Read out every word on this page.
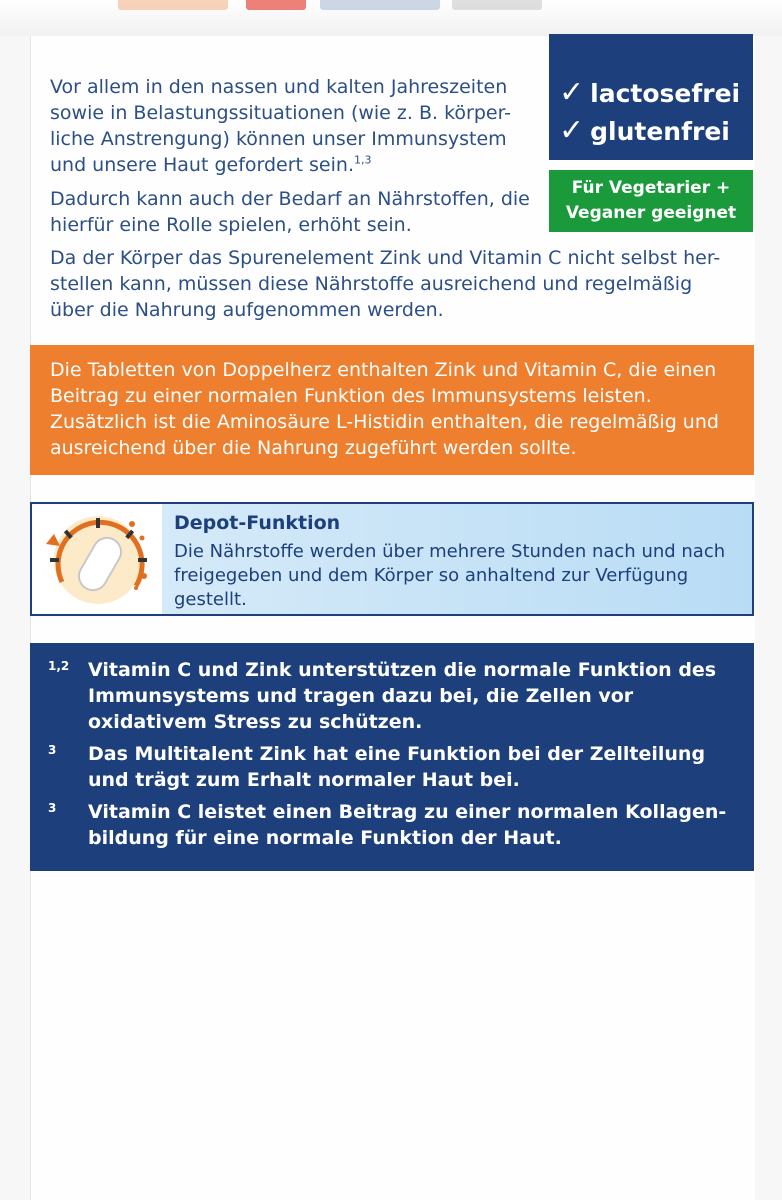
Vor allem in den nassen und kalten Jahreszeiten sowie in Belastungssituationen (wie z. B. körper-liche Anstrengung) können unser Immunsystem und unsere Haut gefordert sein.$^{1,3}$

Dadurch kann auch der Bedarf an Nährstoffen, die hierfür eine Rolle spielen, erhöht sein.

Da der Körper das Spurenelement Zink und Vitamin C nicht selbst her-stellen kann, müssen diese Nährstoffe ausreichend und regelmäßig über die Nahrung aufgenommen werden.

✓ lactosefrei
✓ glutenfrei
Für Vegetarier +
Veganer geeignet

Die Tabletten von Doppelherz enthalten Zink und Vitamin C, die einen Beitrag zu einer normalen Funktion des Immunsystems leisten. Zusätzlich ist die Aminosäure L-Histidin enthalten, die regelmäßig und ausreichend über die Nahrung zugeführt werden sollte.

Depot-Funktion
Die Nährstoffe werden über mehrere Stunden nach und nach freigegeben und dem Körper so anhaltend zur Verfügung gestellt.
1,2 Vitamin C und Zink unterstützen die normale Funktion des Immunsystems und tragen dazu bei, die Zellen vor oxidativem Stress zu schützen.
3 Das Multitalent Zink hat eine Funktion bei der Zellteilung und trägt zum Erhalt normaler Haut bei.
3 Vitamin C leistet einen Beitrag zu einer normalen Kollagen-bildung für eine normale Funktion der Haut.
